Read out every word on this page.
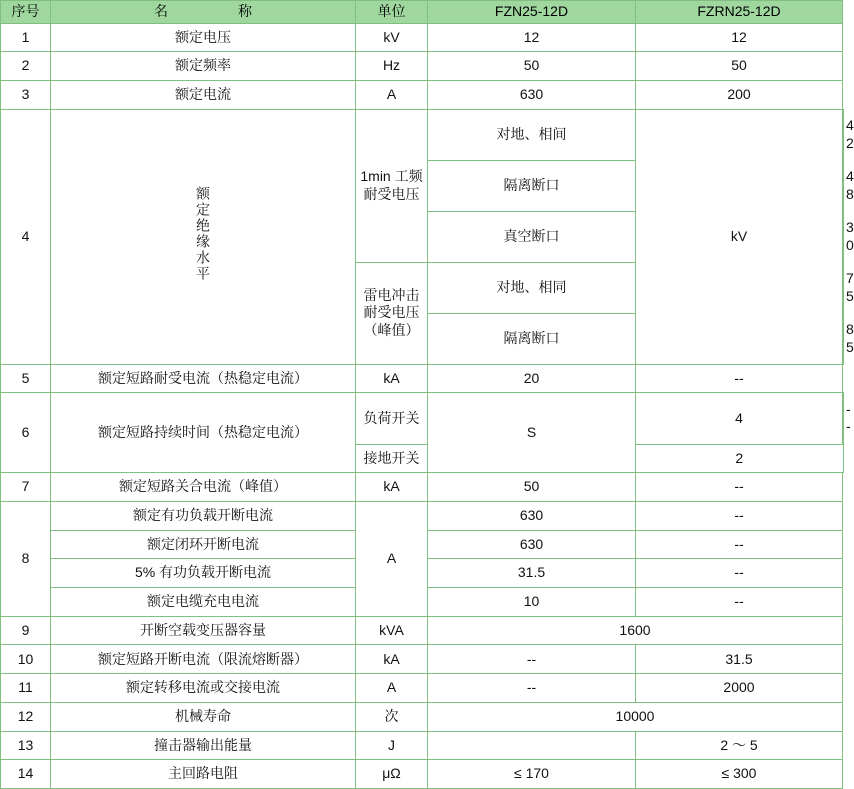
序号	名　　称	单位	FZN25-12D	FZRN25-12D	
1	额定电压	kV	12	12	
2	额定频率	Hz	50	50	
3	额定电流	A	630	200	
4	额定绝缘水平	1min 工频耐受电压	对地、相间	kV	42
			隔离断口		48
			真空断口		30
		雷电冲击耐受电压（峰值）	对地、相同		75
			隔离断口		85
5	额定短路耐受电流（热稳定电流）	kA	20	--	
6	额定短路持续时间（热稳定电流）	负荷开关	S	4	--
		接地开关		2	
7	额定短路关合电流（峰值）	kA	50	--	
8	额定有功负载开断电流	A	630	--	
	额定闭环开断电流		630	--	
	5% 有功负载开断电流		31.5	--	
	额定电缆充电电流		10	--	
9	开断空载变压器容量	kVA	1600		
10	额定短路开断电流（限流熔断器）	kA	--	31.5	
11	额定转移电流或交接电流	A	--	2000	
12	机械寿命	次	10000		
13	撞击器输出能量	J		2 ～ 5	
14	主回路电阻	μΩ	≤ 170	≤ 300	
